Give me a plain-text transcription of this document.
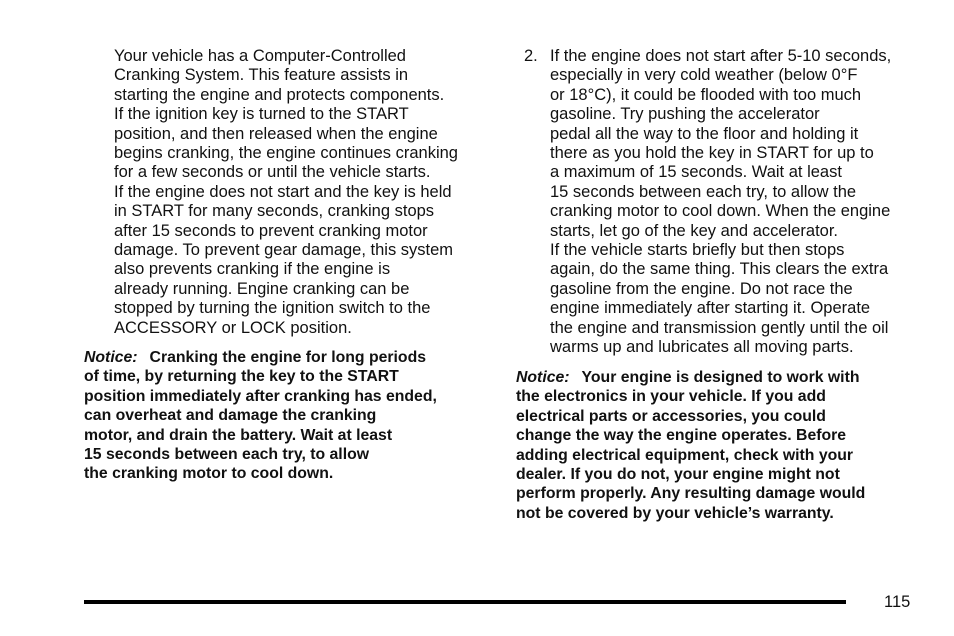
Your vehicle has a Computer-Controlled
Cranking System. This feature assists in
starting the engine and protects components.
If the ignition key is turned to the START
position, and then released when the engine
begins cranking, the engine continues cranking
for a few seconds or until the vehicle starts.
If the engine does not start and the key is held
in START for many seconds, cranking stops
after 15 seconds to prevent cranking motor
damage. To prevent gear damage, this system
also prevents cranking if the engine is
already running. Engine cranking can be
stopped by turning the ignition switch to the
ACCESSORY or LOCK position.
Notice: Cranking the engine for long periods
of time, by returning the key to the START
position immediately after cranking has ended,
can overheat and damage the cranking
motor, and drain the battery. Wait at least
15 seconds between each try, to allow
the cranking motor to cool down.
2. If the engine does not start after 5-10 seconds,
especially in very cold weather (below 0°F
or 18°C), it could be flooded with too much
gasoline. Try pushing the accelerator
pedal all the way to the floor and holding it
there as you hold the key in START for up to
a maximum of 15 seconds. Wait at least
15 seconds between each try, to allow the
cranking motor to cool down. When the engine
starts, let go of the key and accelerator.
If the vehicle starts briefly but then stops
again, do the same thing. This clears the extra
gasoline from the engine. Do not race the
engine immediately after starting it. Operate
the engine and transmission gently until the oil
warms up and lubricates all moving parts.
Notice: Your engine is designed to work with
the electronics in your vehicle. If you add
electrical parts or accessories, you could
change the way the engine operates. Before
adding electrical equipment, check with your
dealer. If you do not, your engine might not
perform properly. Any resulting damage would
not be covered by your vehicle’s warranty.
115
